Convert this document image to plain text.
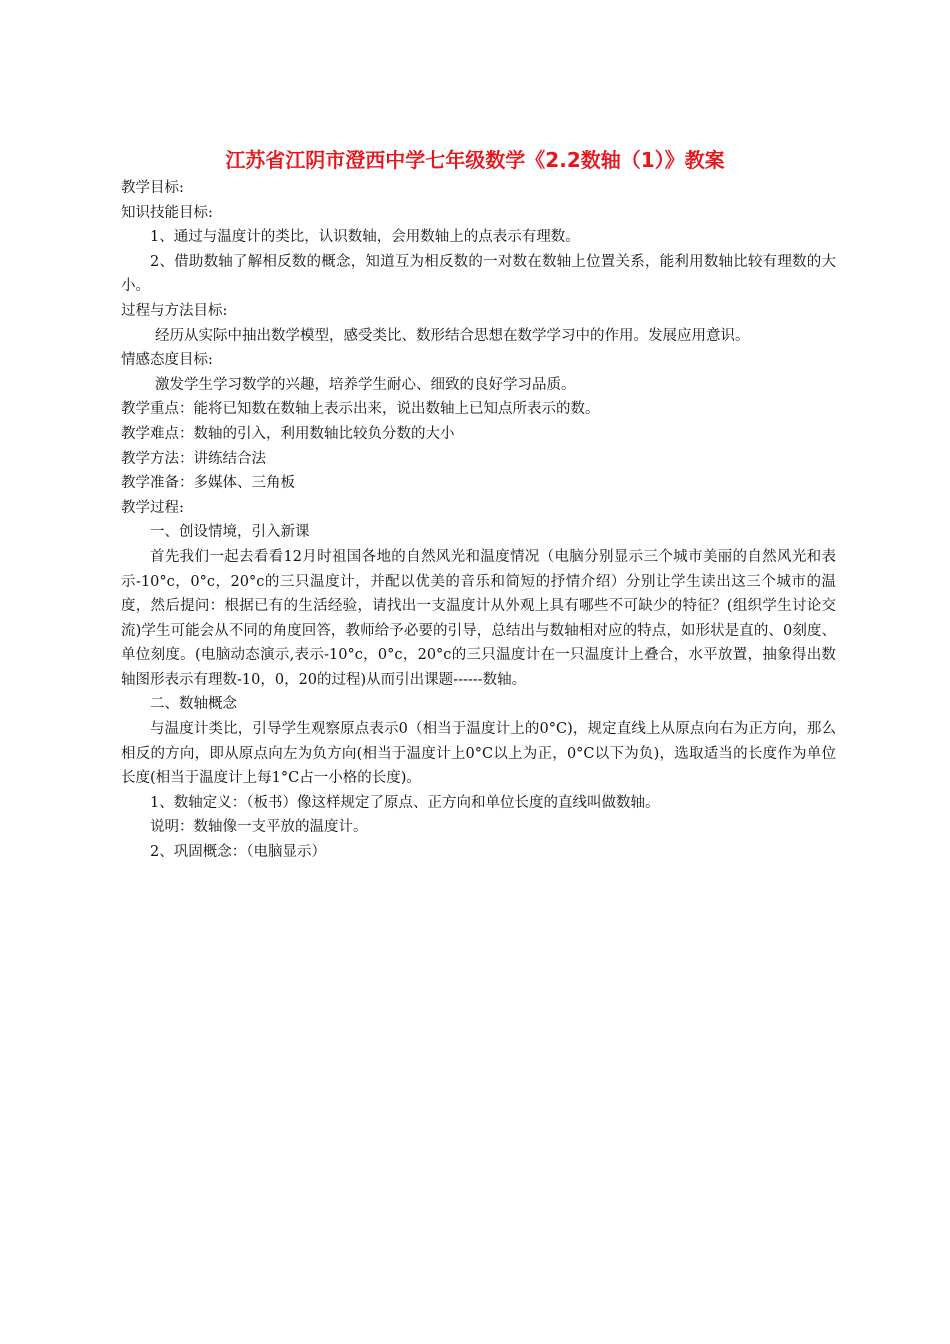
江苏省江阴市澄西中学七年级数学《2.2数轴（1）》教案

教学目标:

知识技能目标:

1、通过与温度计的类比，认识数轴，会用数轴上的点表示有理数。

2、借助数轴了解相反数的概念，知道互为相反数的一对数在数轴上位置关系，能利用数轴比较有理数的大小。

过程与方法目标:

经历从实际中抽出数学模型，感受类比、数形结合思想在数学学习中的作用。发展应用意识。

情感态度目标:

激发学生学习数学的兴趣，培养学生耐心、细致的良好学习品质。

教学重点：能将已知数在数轴上表示出来，说出数轴上已知点所表示的数。

教学难点：数轴的引入，利用数轴比较负分数的大小

教学方法：讲练结合法

教学准备：多媒体、三角板

教学过程:

一、创设情境，引入新课

首先我们一起去看看12月时祖国各地的自然风光和温度情况（电脑分别显示三个城市美丽的自然风光和表示-10°c，0°c，20°c的三只温度计，并配以优美的音乐和简短的抒情介绍）分别让学生读出这三个城市的温度，然后提问：根据已有的生活经验，请找出一支温度计从外观上具有哪些不可缺少的特征？(组织学生讨论交流)学生可能会从不同的角度回答，教师给予必要的引导，总结出与数轴相对应的特点，如形状是直的、0刻度、单位刻度。(电脑动态演示,表示-10°c，0°c，20°c的三只温度计在一只温度计上叠合，水平放置，抽象得出数轴图形表示有理数-10，0，20的过程)从而引出课题------数轴。

二、数轴概念

与温度计类比，引导学生观察原点表示0（相当于温度计上的0°C)，规定直线上从原点向右为正方向，那么相反的方向，即从原点向左为负方向(相当于温度计上0°C以上为正，0°C以下为负)，选取适当的长度作为单位长度(相当于温度计上每1°C占一小格的长度)。

1、数轴定义：（板书）像这样规定了原点、正方向和单位长度的直线叫做数轴。

说明：数轴像一支平放的温度计。

2、巩固概念：（电脑显示）
